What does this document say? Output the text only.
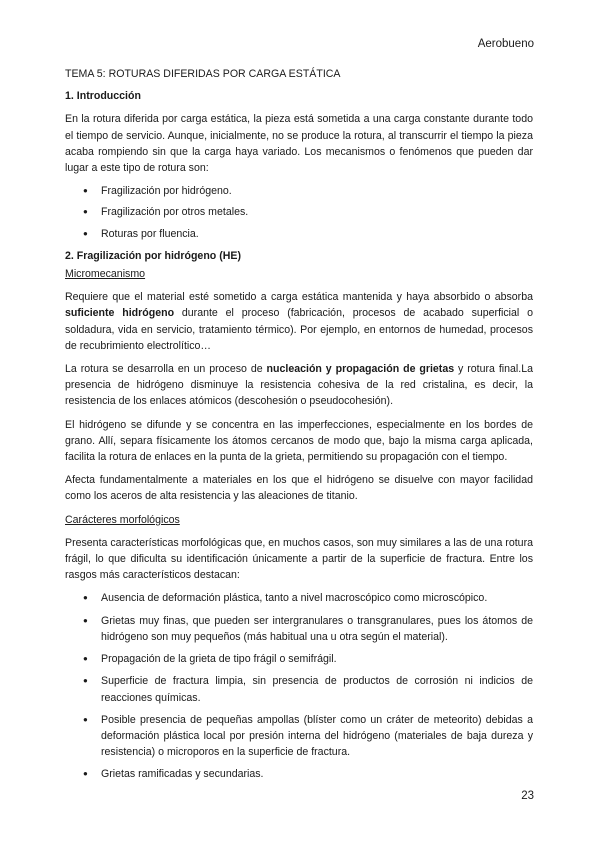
Aerobueno

TEMA 5: ROTURAS DIFERIDAS POR CARGA ESTÁTICA

1. Introducción

En la rotura diferida por carga estática, la pieza está sometida a una carga constante durante todo el tiempo de servicio. Aunque, inicialmente, no se produce la rotura, al transcurrir el tiempo la pieza acaba rompiendo sin que la carga haya variado. Los mecanismos o fenómenos que pueden dar lugar a este tipo de rotura son:

● Fragilización por hidrógeno.
● Fragilización por otros metales.
● Roturas por fluencia.

2. Fragilización por hidrógeno (HE)

Micromecanismo

Requiere que el material esté sometido a carga estática mantenida y haya absorbido o absorba suficiente hidrógeno durante el proceso (fabricación, procesos de acabado superficial o soldadura, vida en servicio, tratamiento térmico). Por ejemplo, en entornos de humedad, procesos de recubrimiento electrolítico…

La rotura se desarrolla en un proceso de nucleación y propagación de grietas y rotura final.La presencia de hidrógeno disminuye la resistencia cohesiva de la red cristalina, es decir, la resistencia de los enlaces atómicos (descohesión o pseudocohesión).

El hidrógeno se difunde y se concentra en las imperfecciones, especialmente en los bordes de grano. Allí, separa físicamente los átomos cercanos de modo que, bajo la misma carga aplicada, facilita la rotura de enlaces en la punta de la grieta, permitiendo su propagación con el tiempo.

Afecta fundamentalmente a materiales en los que el hidrógeno se disuelve con mayor facilidad como los aceros de alta resistencia y las aleaciones de titanio.

Carácteres morfológicos

Presenta características morfológicas que, en muchos casos, son muy similares a las de una rotura frágil, lo que dificulta su identificación únicamente a partir de la superficie de fractura. Entre los rasgos más característicos destacan:

● Ausencia de deformación plástica, tanto a nivel macroscópico como microscópico.
● Grietas muy finas, que pueden ser intergranulares o transgranulares, pues los átomos de hidrógeno son muy pequeños (más habitual una u otra según el material).
● Propagación de la grieta de tipo frágil o semifrágil.
● Superficie de fractura limpia, sin presencia de productos de corrosión ni indicios de reacciones químicas.
● Posible presencia de pequeñas ampollas (blíster como un cráter de meteorito) debidas a deformación plástica local por presión interna del hidrógeno (materiales de baja dureza y resistencia) o microporos en la superficie de fractura.
● Grietas ramificadas y secundarias.
23
